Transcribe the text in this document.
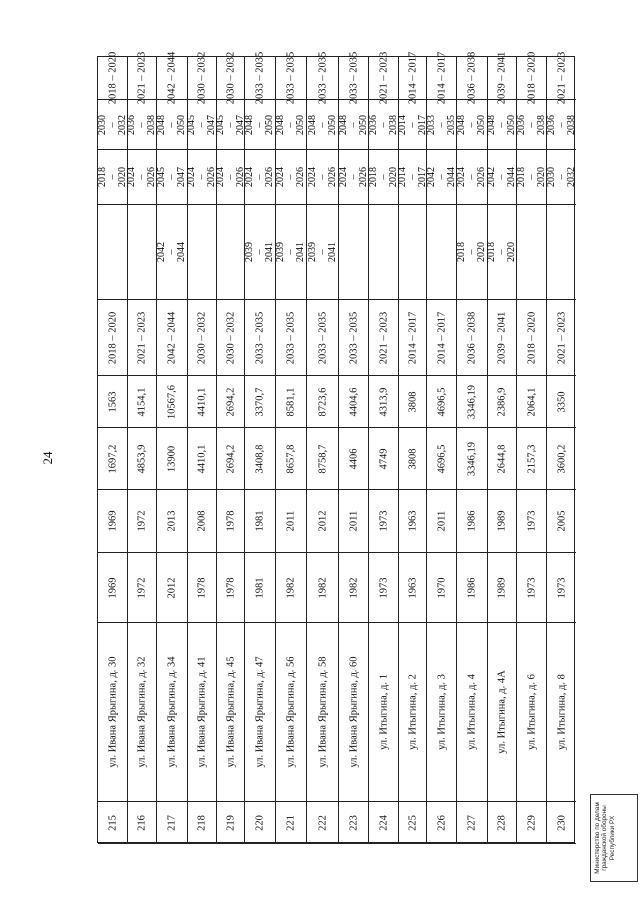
24
215
ул. Ивана Ярыгина, д. 30
1969
1969
1697,2
1563
2018 – 2020
2018 –
2020
2030 –
2032
2018 – 2020
216
ул. Ивана Ярыгина, д. 32
1972
1972
4853,9
4154,1
2021 – 2023
2024 –
2026
2036 –
2038
2021 – 2023
217
ул. Ивана Ярыгина, д. 34
2012
2013
13900
10567,6
2042 – 2044
2042 –
2044
2045 –
2047
2048 –
2050
2042 – 2044
218
ул. Ивана Ярыгина, д. 41
1978
2008
4410,1
4410,1
2030 – 2032
2024 –
2026
2045 –
2047
2030 – 2032
219
ул. Ивана Ярыгина, д. 45
1978
1978
2694,2
2694,2
2030 – 2032
2024 –
2026
2045 –
2047
2030 – 2032
220
ул. Ивана Ярыгина, д. 47
1981
1981
3408,8
3370,7
2033 – 2035
2039 –
2041
2024 –
2026
2048 –
2050
2033 – 2035
221
ул. Ивана Ярыгина, д. 56
1982
2011
8657,8
8581,1
2033 – 2035
2039 –
2041
2024 –
2026
2048 –
2050
2033 – 2035
222
ул. Ивана Ярыгина, д. 58
1982
2012
8758,7
8723,6
2033 – 2035
2039 –
2041
2024 –
2026
2048 –
2050
2033 – 2035
223
ул. Ивана Ярыгина, д. 60
1982
2011
4406
4404,6
2033 – 2035
2024 –
2026
2048 –
2050
2033 – 2035
224
ул. Итыгина, д. 1
1973
1973
4749
4313,9
2021 – 2023
2018 –
2020
2036 –
2038
2021 – 2023
225
ул. Итыгина, д. 2
1963
1963
3808
3808
2014 – 2017
2014 –
2017
2014 –
2017
2014 – 2017
226
ул. Итыгина, д. 3
1970
2011
4696,5
4696,5
2014 – 2017
2042 –
2044
2033 –
2035
2014 – 2017
227
ул. Итыгина, д. 4
1986
1986
3346,19
3346,19
2036 – 2038
2018 –
2020
2024 –
2026
2048 –
2050
2036 – 2038
228
ул. Итыгина, д. 4А
1989
1989
2644,8
2386,9
2039 – 2041
2018 –
2020
2042 –
2044
2048 –
2050
2039 – 2041
229
ул. Итыгина, д. 6
1973
1973
2157,3
2064,1
2018 – 2020
2018 –
2020
2036 –
2038
2018 – 2020
230
ул. Итыгина, д. 8
1973
2005
3600,2
3350
2021 – 2023
2030 –
2032
2036 –
2038
2021 – 2023
Министерство по делам гражданской обороны Республики РХ
